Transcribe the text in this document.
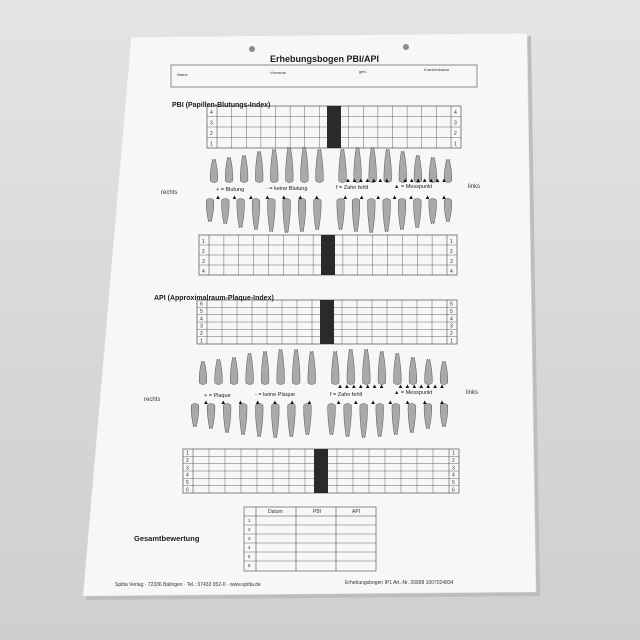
4	4
3	3
2	2
1	1
1	1
2	2
3	3
4	4
6	6
5	5
4	4
3	3
2	2
1	1
1	1
2	2
3	3
4	4
5	5
6	6
Erhebungsbogen PBI/API
Name	Vorname	geb.	Krankenkasse
PBI (Papillen-Blutungs-Index)
rechts
links
+ = Blutung	- = keine Blutung	f = Zahn fehlt	▲ = Messpunkt
API (Approximalraum-Plaque-Index)
rechts
links
+ = Plaque	- = keine Plaque	f = Zahn fehlt	▲ = Messpunkt
Gesamtbewertung
Datum	PBI	API
1
2
3
4
5
6
Spitta Verlag · 72336 Balingen · Tel.: 07433 952-0 · www.spitta.de	Erhebungsbogen IP1 Art.-Nr. 20998 1007024834
